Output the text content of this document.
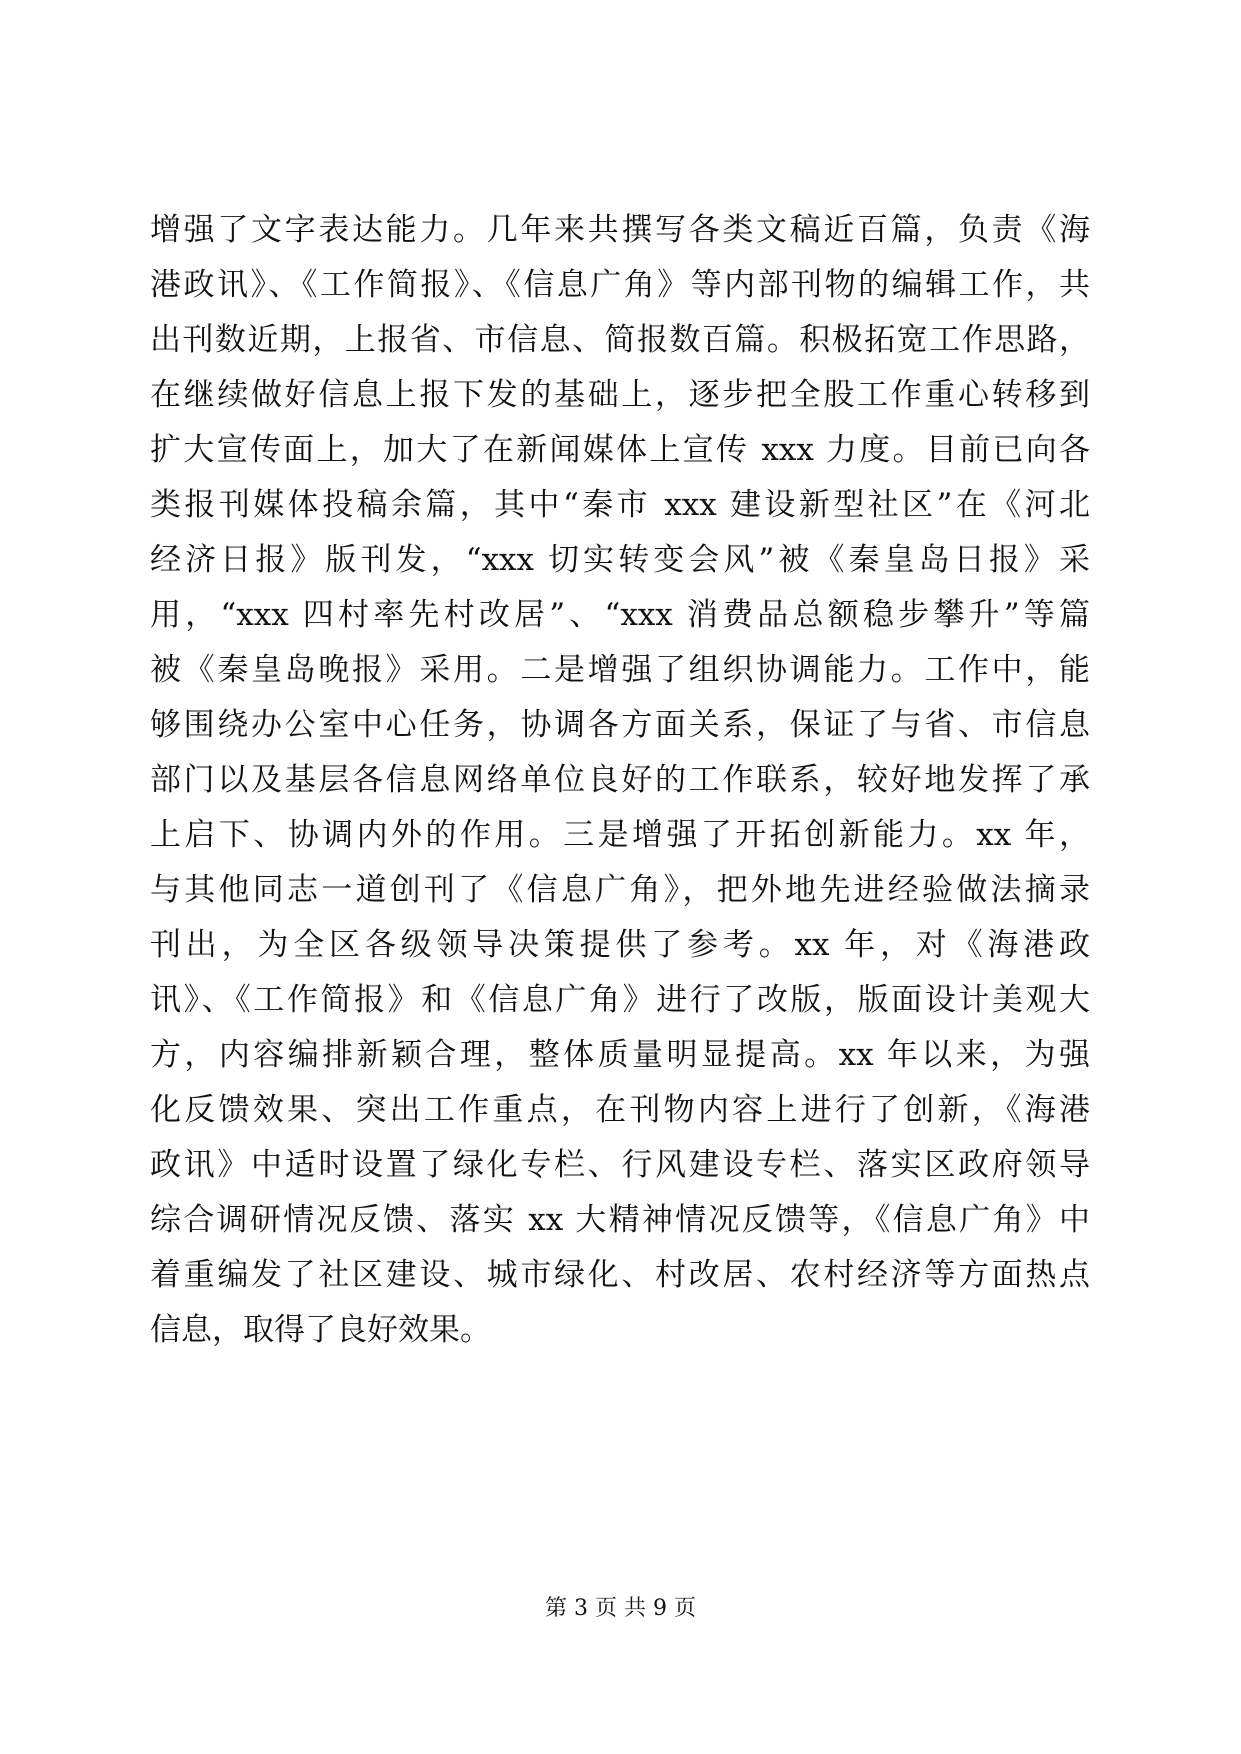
增强了文字表达能力。几年来共撰写各类文稿近百篇，负责《海
港政讯》、《工作简报》、《信息广角》等内部刊物的编辑工作，共
出刊数近期，上报省、市信息、简报数百篇。积极拓宽工作思路，
在继续做好信息上报下发的基础上，逐步把全股工作重心转移到
扩大宣传面上，加大了在新闻媒体上宣传 xxx 力度。目前已向各
类报刊媒体投稿余篇，其中“秦市 xxx 建设新型社区”在《河北
经济日报》版刊发，“xxx 切实转变会风”被《秦皇岛日报》采
用，“xxx 四村率先村改居”、“xxx 消费品总额稳步攀升”等篇
被《秦皇岛晚报》采用。二是增强了组织协调能力。工作中，能
够围绕办公室中心任务，协调各方面关系，保证了与省、市信息
部门以及基层各信息网络单位良好的工作联系，较好地发挥了承
上启下、协调内外的作用。三是增强了开拓创新能力。xx 年，
与其他同志一道创刊了《信息广角》，把外地先进经验做法摘录
刊出，为全区各级领导决策提供了参考。xx 年，对《海港政
讯》、《工作简报》和《信息广角》进行了改版，版面设计美观大
方，内容编排新颖合理，整体质量明显提高。xx 年以来，为强
化反馈效果、突出工作重点，在刊物内容上进行了创新，《海港
政讯》中适时设置了绿化专栏、行风建设专栏、落实区政府领导
综合调研情况反馈、落实 xx 大精神情况反馈等，《信息广角》中
着重编发了社区建设、城市绿化、村改居、农村经济等方面热点
信息，取得了良好效果。
第 3 页 共 9 页
